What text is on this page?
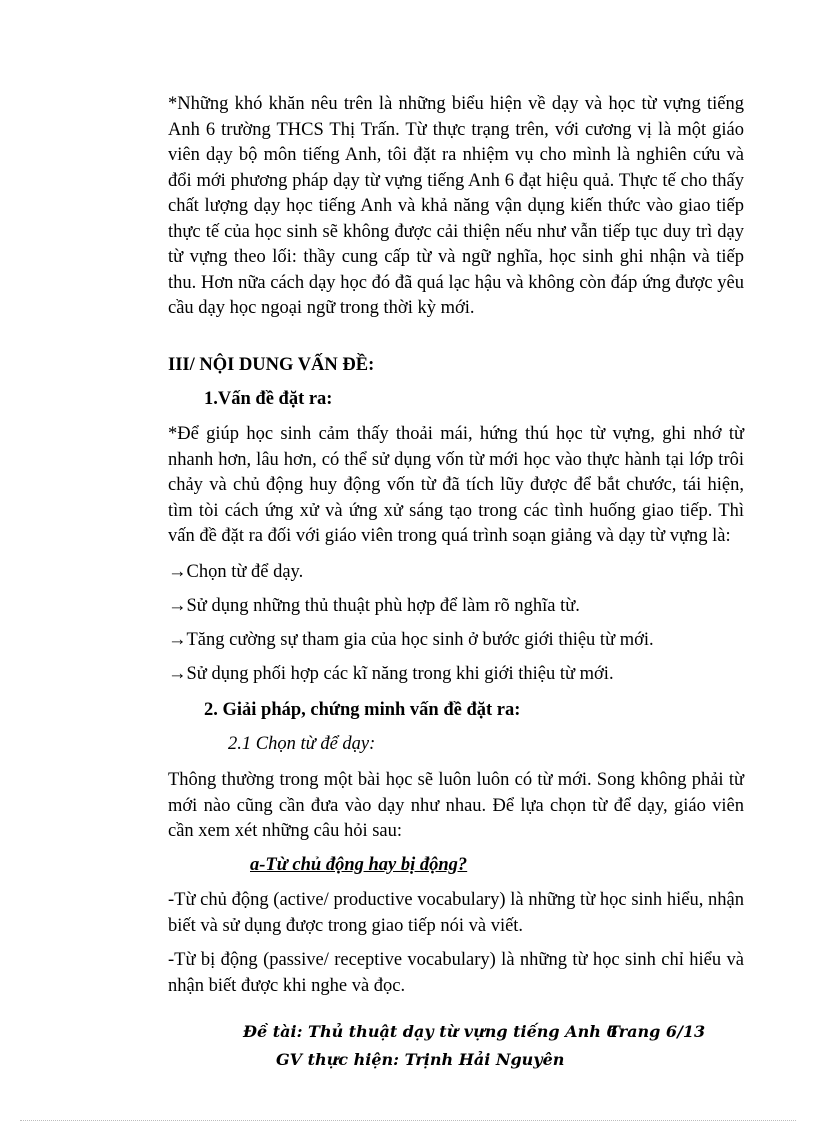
*Những khó khăn nêu trên là những biểu hiện về dạy và học từ vựng tiếng Anh 6 trường THCS Thị Trấn. Từ thực trạng trên, với cương vị là một giáo viên dạy bộ môn tiếng Anh, tôi đặt ra nhiệm vụ cho mình là nghiên cứu và đổi mới phương pháp dạy từ vựng tiếng Anh 6 đạt hiệu quả. Thực tế cho thấy chất lượng dạy học tiếng Anh và khả năng vận dụng kiến thức vào giao tiếp thực tế của học sinh sẽ không được cải thiện nếu như vẫn tiếp tục duy trì dạy từ vựng theo lối: thầy cung cấp từ và ngữ nghĩa, học sinh ghi nhận và tiếp thu. Hơn nữa cách dạy học đó đã quá lạc hậu và không còn đáp ứng được yêu cầu dạy học ngoại ngữ trong thời kỳ mới.

III/ NỘI DUNG VẤN ĐỀ:
1.Vấn đề đặt ra:

*Để giúp học sinh cảm thấy thoải mái, hứng thú học từ vựng, ghi nhớ từ nhanh hơn, lâu hơn, có thể sử dụng vốn từ mới học vào thực hành tại lớp trôi chảy và chủ động huy động vốn từ đã tích lũy được để bắt chước, tái hiện, tìm tòi cách ứng xử và ứng xử sáng tạo trong các tình huống giao tiếp. Thì vấn đề đặt ra đối với giáo viên trong quá trình soạn giảng và dạy từ vựng là:

→Chọn từ để dạy.
→Sử dụng những thủ thuật phù hợp để làm rõ nghĩa từ.
→Tăng cường sự tham gia của học sinh ở bước giới thiệu từ mới.
→Sử dụng phối hợp các kĩ năng trong khi giới thiệu từ mới.
2. Giải pháp, chứng minh vấn đề đặt ra:
2.1 Chọn từ để dạy:

Thông thường trong một bài học sẽ luôn luôn có từ mới. Song không phải từ mới nào cũng cần đưa vào dạy như nhau. Để lựa chọn từ để dạy, giáo viên cần xem xét những câu hỏi sau:

a-Từ chủ động hay bị động?

-Từ chủ động (active/ productive vocabulary) là những từ học sinh hiểu, nhận biết và sử dụng được trong giao tiếp nói và viết.

-Từ bị động (passive/ receptive vocabulary) là những từ học sinh chỉ hiểu và nhận biết được khi nghe và đọc.

Đề tài: Thủ thuật dạy từ vựng tiếng Anh 6
Trang 6/13
GV thực hiện: Trịnh Hải Nguyên
